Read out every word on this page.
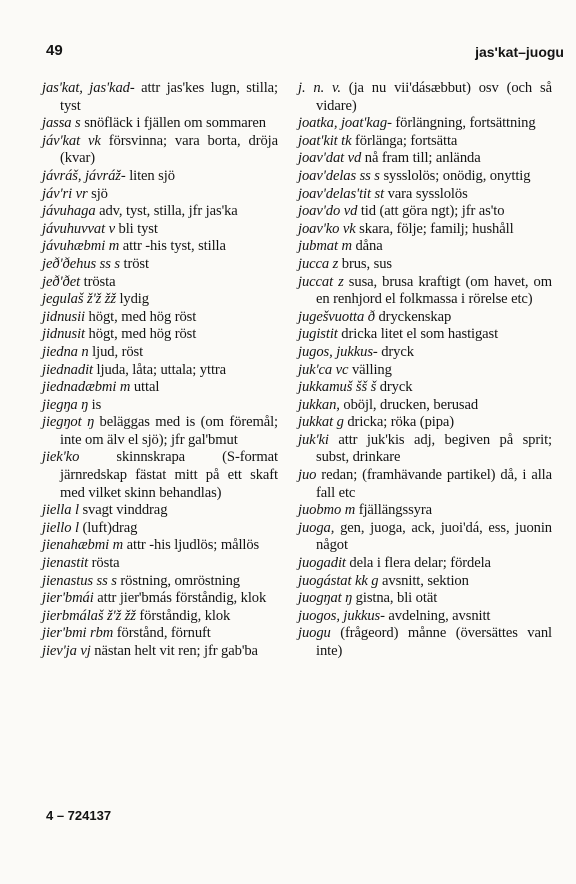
49	jas'kat–juogu

jas'kat, jas'kad- attr jas'kes lugn, stilla; tyst

jassa s snöfläck i fjällen om sommaren

jáv'kat vk försvinna; vara borta, dröja (kvar)

jávráš, jávráž- liten sjö

jáv'ri vr sjö

jávuhaga adv, tyst, stilla, jfr jas'ka

jávuhuvvat v bli tyst

jávuhæbmi m attr -his tyst, stilla

jeð'ðehus ss s tröst

jeð'ðet trösta

jegulaš ž'ž žž lydig

jidnusii högt, med hög röst

jidnusit högt, med hög röst

jiedna n ljud, röst

jiednadit ljuda, låta; uttala; yttra

jiednadæbmi m uttal

jiegŋa ŋ is

jiegŋot ŋ beläggas med is (om föremål; inte om älv el sjö); jfr gal'bmut

jiek'ko skinnskrapa (S-format järnredskap fästat mitt på ett skaft med vilket skinn behandlas)

jiella l svagt vinddrag

jiello l (luft)drag

jienahæbmi m attr -his ljudlös; mållös

jienastit rösta

jienastus ss s röstning, omröstning

jier'bmái attr jier'bmás förståndig, klok

jierbmálaš ž'ž žž förståndig, klok

jier'bmi rbm förstånd, förnuft

jiev'ja vj nästan helt vit ren; jfr gab'ba

j. n. v. (ja nu vii'dásæbbut) osv (och så vidare)

joatka, joat'kag- förlängning, fortsättning

joat'kit tk förlänga; fortsätta

joav'dat vd nå fram till; anlända

joav'delas ss s sysslolös; onödig, onyttig

joav'delas'tit st vara sysslolös

joav'do vd tid (att göra ngt); jfr as'to

joav'ko vk skara, följe; familj; hushåll

jubmat m dåna

jucca z brus, sus

juccat z susa, brusa kraftigt (om havet, om en renhjord el folkmassa i rörelse etc)

jugešvuotta ð dryckenskap

jugistit dricka litet el som hastigast

jugos, jukkus- dryck

juk'ca vc välling

jukkamuš šš š dryck

jukkan, oböjl, drucken, berusad

jukkat g dricka; röka (pipa)

juk'ki attr juk'kis adj, begiven på sprit; subst, drinkare

juo redan; (framhävande partikel) då, i alla fall etc

juobmo m fjällängssyra

juoga, gen, juoga, ack, juoi'dá, ess, juonin något

juogadit dela i flera delar; fördela

juogástat kk g avsnitt, sektion

juogŋat ŋ gistna, bli otät

juogos, jukkus- avdelning, avsnitt

juogu (frågeord) månne (översättes vanl inte)

4 – 724137
